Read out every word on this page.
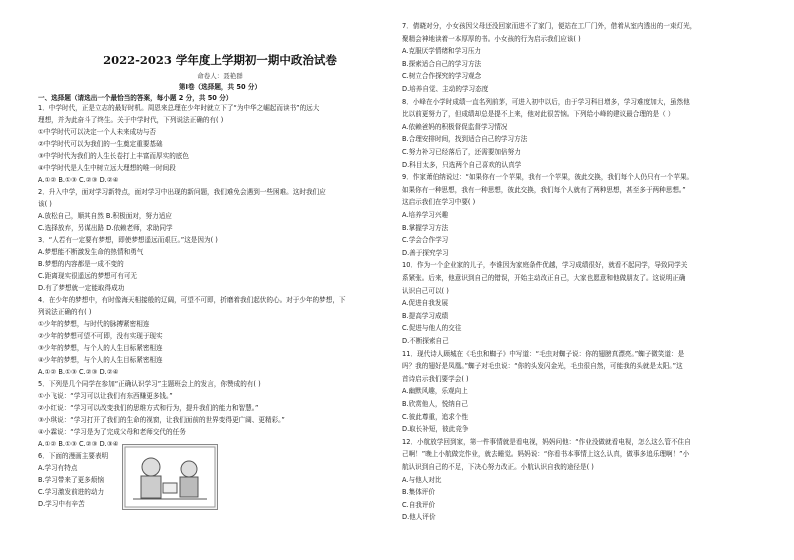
2022-2023 学年度上学期初一期中政治试卷
命卷人：聂艳群
第Ⅰ卷（选择题，共 50 分）
一、选择题（请选出一个最恰当的答案，每小题 2 分，共 50 分）
1．中学时代，正是立志的最好时机。周恩来总理在少年时就立下了“为中华之崛起而读书”的远大
理想，并为此奋斗了终生。关于中学时代，下列说法正确的有( )
①中学时代可以决定一个人未来成功与否
②中学时代可以为我们的一生奠定重要基础
③中学时代为我们的人生长卷打上丰富而厚实的底色
④中学时代是人生中树立远大理想的唯一时间段
A.①② B.①③ C.②③ D.②④
2．升入中学，面对学习新特点，面对学习中出现的新问题，我们难免会遇到一些困难。这时我们应
该( )
A.放松自己，顺其自然 B.积极面对，努力适应
C.选择放弃，另谋出路 D.依赖老师，求助同学
3．“人若有一定要有梦想，即使梦想遥远而艰巨。”这是因为( )
A.梦想能不断激发生命的热情和勇气
B.梦想的内容都是一成不变的
C.距离现实很遥远的梦想可有可无
D.有了梦想就一定能取得成功
4．在少年的梦想中，有时像海天相接般的辽阔，可望不可即，折磨着我们起伏的心。对于少年的梦想，下
列说法正确的有( )
①少年的梦想，与时代的脉搏紧密相连
②少年的梦想可望不可即，没有实现于现实
③少年的梦想，与个人的人生目标紧密相连
④少年的梦想，与个人的人生目标紧密相连
A.①② B.①③ C.②③ D.②④
5．下列是几个同学在参加“正确认识学习”主题班会上的发言，你赞成的有( )
①小飞说：“学习可以让我们有东西赚更多钱。”
②小红说：“学习可以改变我们的思维方式和行为，提升我们的能力和智慧。”
③小琪说：“学习打开了我们的生命的视窗，让我们面前的世界变得更广阔、更精彩。”
④小霖说：“学习是为了完成父母和老师交代的任务
A.①② B.①③ C.②③ D.③④
6．下面的漫画主要表明
A.学习有特点
B.学习带来了更多烦恼
C.学习激发前进的动力
D.学习中有辛苦
7．倩晓对分，小女孩因父母还没回家而进不了家门，便站在工厂门外，借着从室内透出的一束灯光，
聚精会神地读着一本厚厚的书。小女孩的行为启示我们应该( )
A.克服厌学情绪和学习压力
B.探索适合自己的学习方法
C.树立合作探究的学习观念
D.培养自觉、主动的学习态度
8．小峰在小学时成绩一直名列前茅，可进入初中以后，由于学习科目增多，学习难度加大，虽然他
比以前更努力了，但成绩却总是提不上来，他对此很苦恼。下列给小峰的建议最合理的是（ ）
A.依赖爸妈的积极督促监督学习情况
B.合理安排时间，找到适合自己的学习方法
C.努力补习已经落后了，还需要加倍努力
D.科目太多，只选两个自己喜欢的认真学
9．作家萧伯纳说过：“如果你有一个苹果，我有一个苹果，彼此交换，我们每个人仍只有一个苹果。
如果你有一种思想，我有一种思想，彼此交换，我们每个人就有了两种思想，甚至多于两种思想。”
这启示我们在学习中要( )
A.培养学习兴趣
B.掌握学习方法
C.学会合作学习
D.善于探究学习
10．作为一个企业家的儿子，李谁因为家庭条件优越，学习成绩很好，就看不起同学，导致同学关
系紧张。后来，他意识到自己的错误，开始主动改正自己，大家也愿意和他做朋友了。这说明正确
认识自己可以( )
A.促进自我发展
B.提高学习成绩
C.促进与他人的交往
D.不断探索自己
11．现代诗人顾城在《毛虫和蜘子》中写道：“毛虫对蜘子说：你的翅膀真漂亮。”蜘子微笑道：是
吗？我的翅好是凤凰。”蜘子对毛虫说：“你的头发闪金光，毛虫很自然，可能我的头就是太阳。”这
首诗启示我们要学会( )
A.幽默风趣，乐观向上
B.欣赏他人，悦纳自己
C.彼此尊重，追求个性
D.取长补短，彼此竞争
12．小航放学回到家，第一件事情就是看电视，妈妈问他：“作业没做就看电视，怎么这么管不住自
己啊！”晚上小航做完作业，就去睡觉。妈妈说：“你看书本事情上这么认真，做事多追乐理啊！”小
航认识到自己的不足，下决心努力改正。小航认识自我的途径是( )
A.与他人对比
B.集体评价
C.自我评价
D.他人评价
